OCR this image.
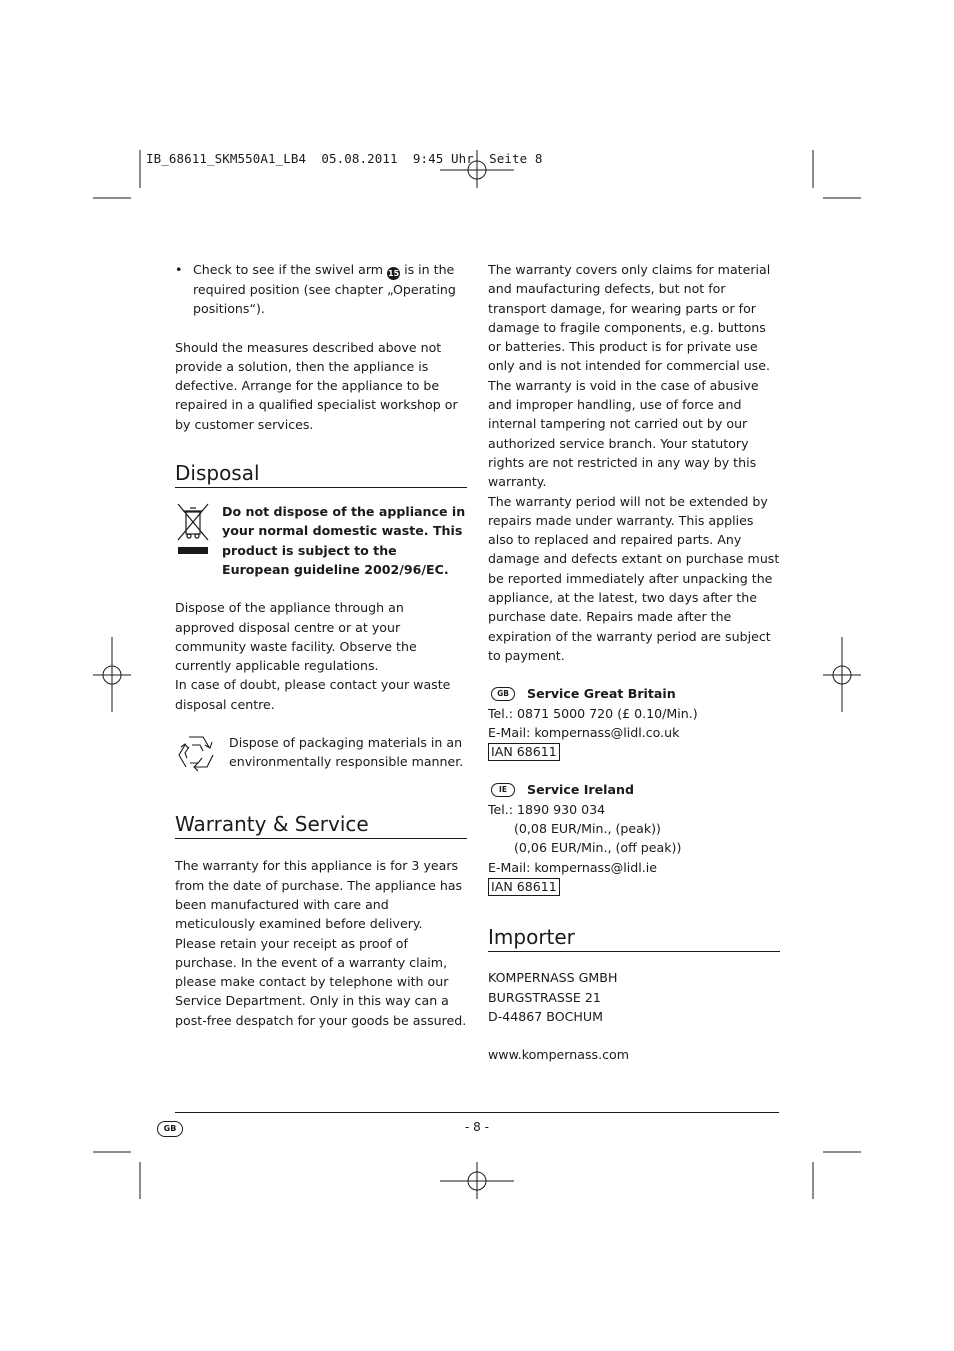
IB_68611_SKM550A1_LB4  05.08.2011  9:45 Uhr  Seite 8
• Check to see if the swivel arm 15 is in the required position (see chapter „Operating positions“).

Should the measures described above not provide a solution, then the appliance is defective. Arrange for the appliance to be repaired in a qualified specialist workshop or by customer services.

Disposal

Do not dispose of the appliance in your normal domestic waste. This product is subject to the European guideline 2002/96/EC.

Dispose of the appliance through an approved disposal centre or at your community waste facility. Observe the currently applicable regulations.

In case of doubt, please contact your waste disposal centre.

Dispose of packaging materials in an environmentally responsible manner.

Warranty & Service

The warranty for this appliance is for 3 years from the date of purchase. The appliance has been manufactured with care and meticulously examined before delivery. Please retain your receipt as proof of purchase. In the event of a warranty claim, please make contact by telephone with our Service Department. Only in this way can a post-free despatch for your goods be assured.

The warranty covers only claims for material and maufacturing defects, but not for transport damage, for wearing parts or for damage to fragile components, e.g. buttons or batteries. This product is for private use only and is not intended for commercial use. The warranty is void in the case of abusive and improper handling, use of force and internal tampering not carried out by our authorized service branch. Your statutory rights are not restricted in any way by this warranty.

The warranty period will not be extended by repairs made under warranty. This applies also to replaced and repaired parts. Any damage and defects extant on purchase must be reported immediately after unpacking the appliance, at the latest, two days after the purchase date. Repairs made after the expiration of the warranty period are subject to payment.

GB	Service Great Britain

Tel.: 0871 5000 720 (£ 0.10/Min.)

E-Mail: kompernass@lidl.co.uk

IAN 68611
IE	Service Ireland

Tel.: 1890 930 034

(0,08 EUR/Min., (peak))

(0,06 EUR/Min., (off peak))

E-Mail: kompernass@lidl.ie

IAN 68611
Importer

KOMPERNASS GMBH

BURGSTRASSE 21

D-44867 BOCHUM

www.kompernass.com

GB	- 8 -
